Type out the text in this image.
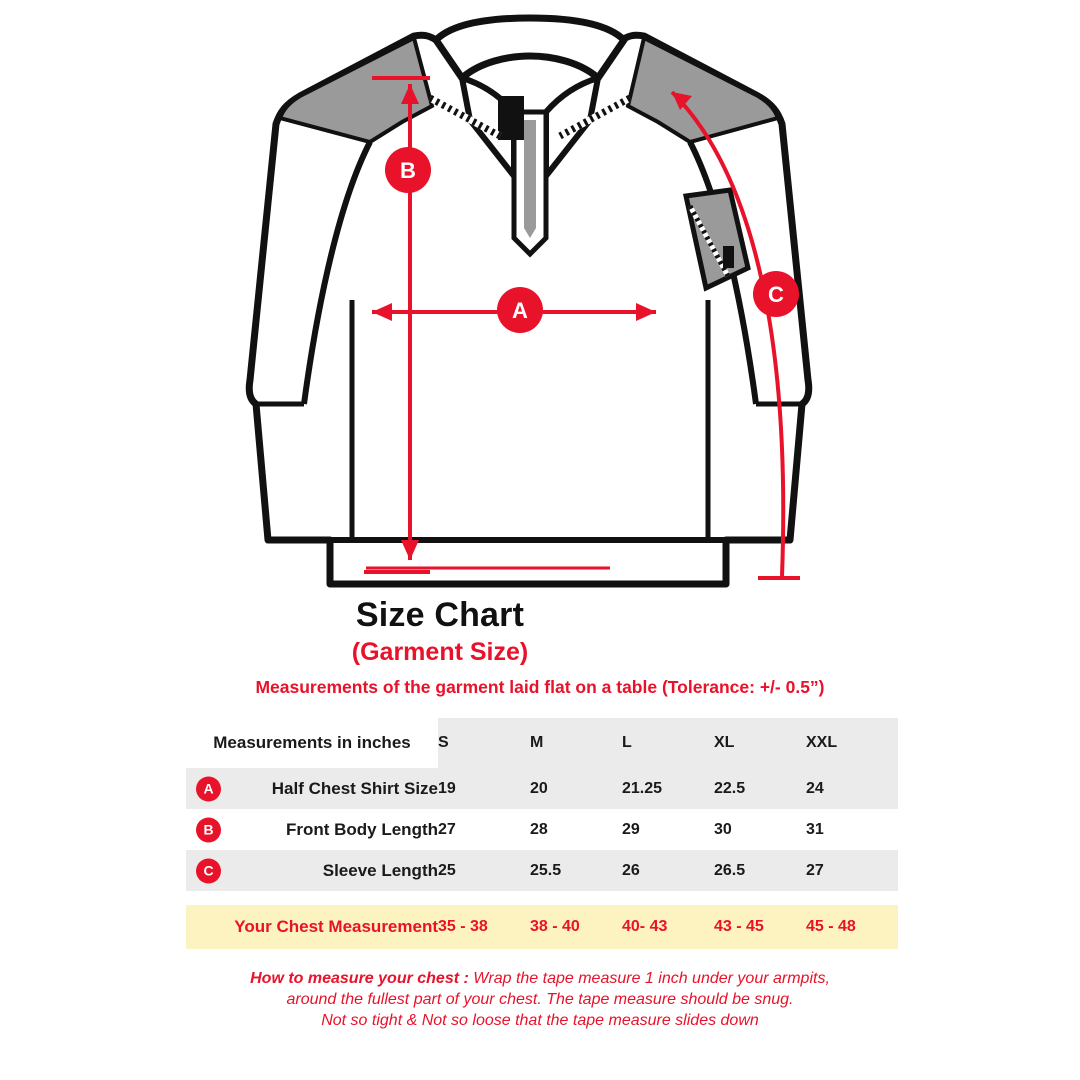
A
B
C
Size Chart
(Garment Size)
Measurements of the garment laid flat on a table (Tolerance: +/- 0.5”)
Measurements in inches	S	M	L	XL	XXL

A Half Chest Shirt Size	19	20	21.25	22.5	24

B Front Body Length	27	28	29	30	31

C Sleeve Length	25	25.5	26	26.5	27

Your Chest Measurement	35 - 38	38 - 40	40- 43	43 - 45	45 - 48
How to measure your chest : Wrap the tape measure 1 inch under your armpits,
around the fullest part of your chest. The tape measure should be snug.
Not so tight & Not so loose that the tape measure slides down
